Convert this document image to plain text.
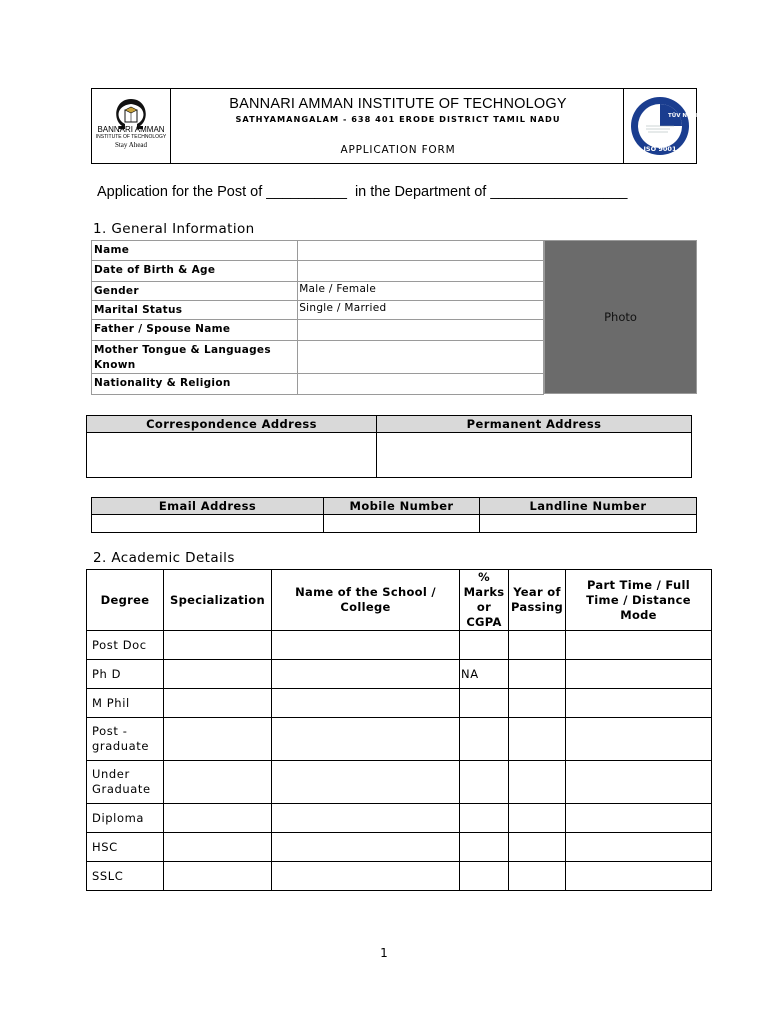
BANNARI AMMAN
INSTITUTE OF TECHNOLOGY
Stay Ahead
BANNARI AMMAN INSTITUTE OF TECHNOLOGY
SATHYAMANGALAM - 638 401 ERODE DISTRICT TAMIL NADU
APPLICATION FORM
TÜV NORD
ISO 9001
Application for the Post of __________  in the Department of _________________
1. General Information
Name	
Date of Birth & Age	
Gender	Male / Female
Marital Status	Single / Married
Father / Spouse Name	
Mother Tongue & Languages Known	
Nationality & Religion	
Photo
Correspondence Address	Permanent Address

Email Address	Mobile Number	Landline Number

2. Academic Details
Degree	Specialization	Name of the School / College	% Marks or CGPA	Year of Passing	Part Time / Full Time / Distance Mode
Post Doc					
Ph D			NA		
M Phil					
Post -graduate					
Under Graduate					
Diploma					
HSC					
SSLC					
1
